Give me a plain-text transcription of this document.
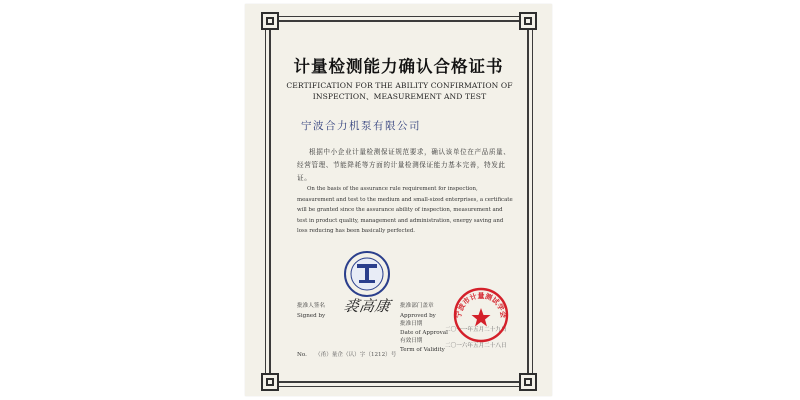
计量检测能力确认合格证书
CERTIFICATION FOR THE ABILITY CONFIRMATION OF
INSPECTION、MEASUREMENT AND TEST
宁波合力机泵有限公司
根据中小企业计量检测保证规范要求，确认该单位在产品质量、经营管理、节能降耗等方面的计量检测保证能力基本完善，特发此证。
On the basis of the assurance rule requirement for inspection, measurement and test to the medium and small-sized enterprises, a certificate will be granted since the assurance ability of inspection, measurement and test in product quality, management and administration, energy saving and loss reducing has been basically perfected.
批准人签名
Signed by
裘高康 批准部门盖章
Approved by
批准日期
Date of Approval
有效日期
Term of Validity
二〇一一年五月二十九日
二〇一六年五月二十八日
No. （甬）量企（认）字（1212）号
宁波市计量测试学会
